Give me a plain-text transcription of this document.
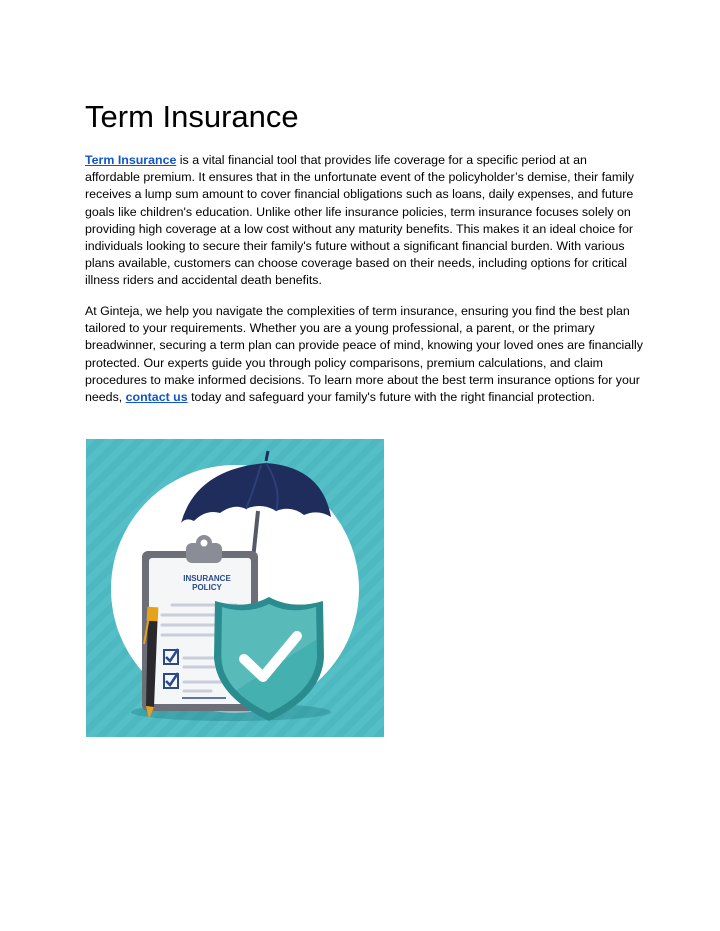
Term Insurance

Term Insurance is a vital financial tool that provides life coverage for a specific period at an affordable premium. It ensures that in the unfortunate event of the policyholder’s demise, their family receives a lump sum amount to cover financial obligations such as loans, daily expenses, and future goals like children's education. Unlike other life insurance policies, term insurance focuses solely on providing high coverage at a low cost without any maturity benefits. This makes it an ideal choice for individuals looking to secure their family's future without a significant financial burden. With various plans available, customers can choose coverage based on their needs, including options for critical illness riders and accidental death benefits.

At Ginteja, we help you navigate the complexities of term insurance, ensuring you find the best plan tailored to your requirements. Whether you are a young professional, a parent, or the primary breadwinner, securing a term plan can provide peace of mind, knowing your loved ones are financially protected. Our experts guide you through policy comparisons, premium calculations, and claim procedures to make informed decisions. To learn more about the best term insurance options for your needs, contact us today and safeguard your family's future with the right financial protection.

INSURANCE
POLICY
